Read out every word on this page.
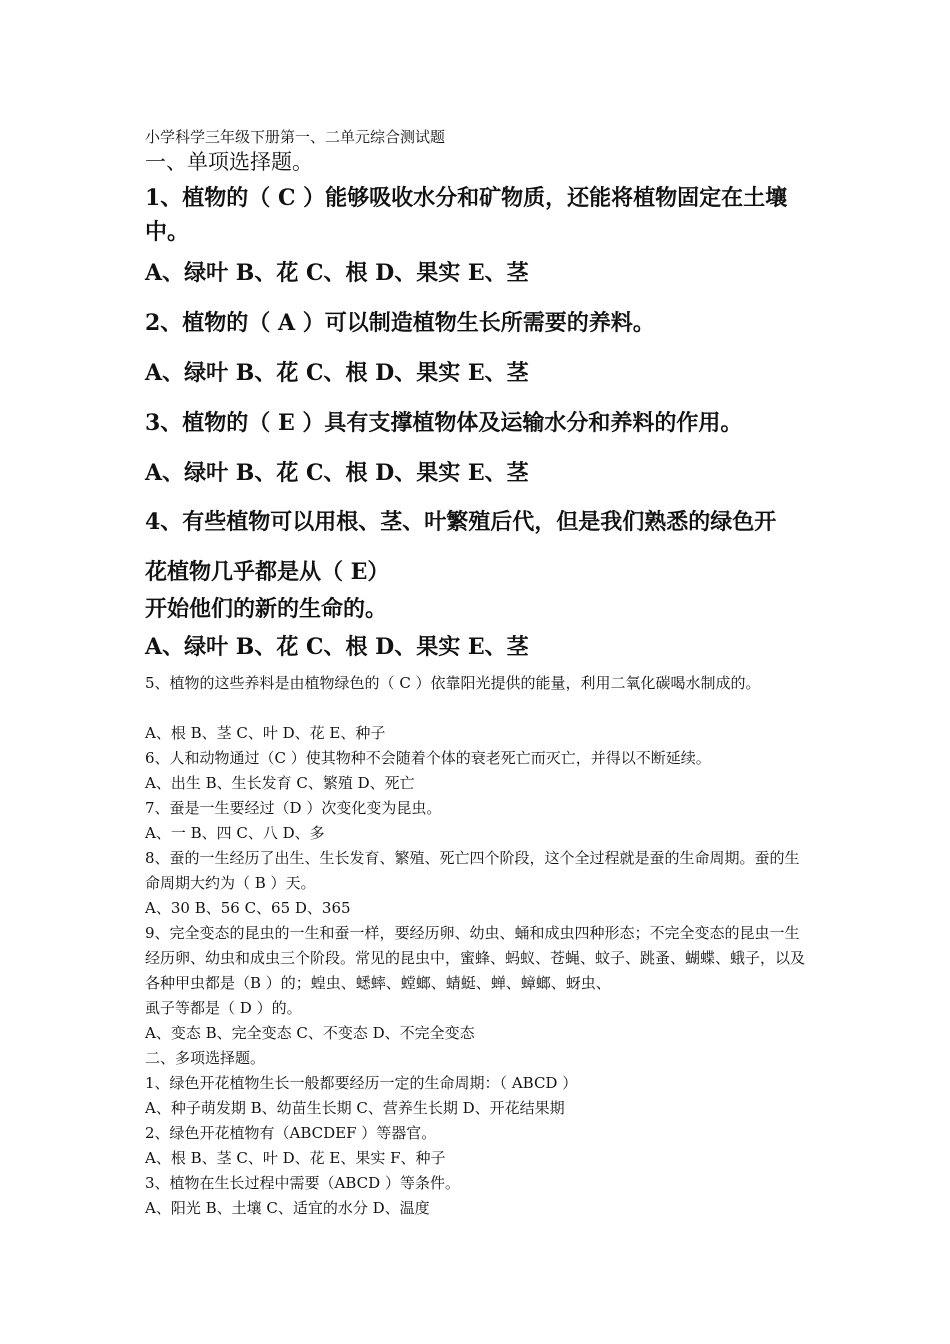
小学科学三年级下册第一、二单元综合测试题
一、单项选择题。
1、植物的（ C ）能够吸收水分和矿物质，还能将植物固定在土壤中。
A、绿叶 B、花 C、根 D、果实 E、茎
2、植物的（ A ）可以制造植物生长所需要的养料。
A、绿叶 B、花 C、根 D、果实 E、茎
3、植物的（ E ）具有支撑植物体及运输水分和养料的作用。
A、绿叶 B、花 C、根 D、果实 E、茎
4、有些植物可以用根、茎、叶繁殖后代，但是我们熟悉的绿色开
花植物几乎都是从（ E）
开始他们的新的生命的。
A、绿叶 B、花 C、根 D、果实 E、茎
5、植物的这些养料是由植物绿色的（ C ）依靠阳光提供的能量，利用二氧化碳喝水制成的。
A、根 B、茎 C、叶 D、花 E、种子
6、人和动物通过（C ）使其物种不会随着个体的衰老死亡而灭亡，并得以不断延续。
A、出生 B、生长发育 C、繁殖 D、死亡
7、蚕是一生要经过（D ）次变化变为昆虫。
A、一 B、四 C、八 D、多
8、蚕的一生经历了出生、生长发育、繁殖、死亡四个阶段，这个全过程就是蚕的生命周期。蚕的生命周期大约为（ B ）天。
A、30 B、56 C、65 D、365
9、完全变态的昆虫的一生和蚕一样，要经历卵、幼虫、蛹和成虫四种形态；不完全变态的昆虫一生经历卵、幼虫和成虫三个阶段。常见的昆虫中，蜜蜂、蚂蚁、苍蝇、蚊子、跳蚤、蝴蝶、蛾子，以及各种甲虫都是（B ）的；蝗虫、蟋蟀、螳螂、蜻蜓、蝉、蟑螂、蚜虫、
虱子等都是（ D ）的。
A、变态 B、完全变态 C、不变态 D、不完全变态
二、多项选择题。
1、绿色开花植物生长一般都要经历一定的生命周期：（ ABCD ）
A、种子萌发期 B、幼苗生长期 C、营养生长期 D、开花结果期
2、绿色开花植物有（ABCDEF ）等器官。
A、根 B、茎 C、叶 D、花 E、果实 F、种子
3、植物在生长过程中需要（ABCD ）等条件。
A、阳光 B、土壤 C、适宜的水分 D、温度
